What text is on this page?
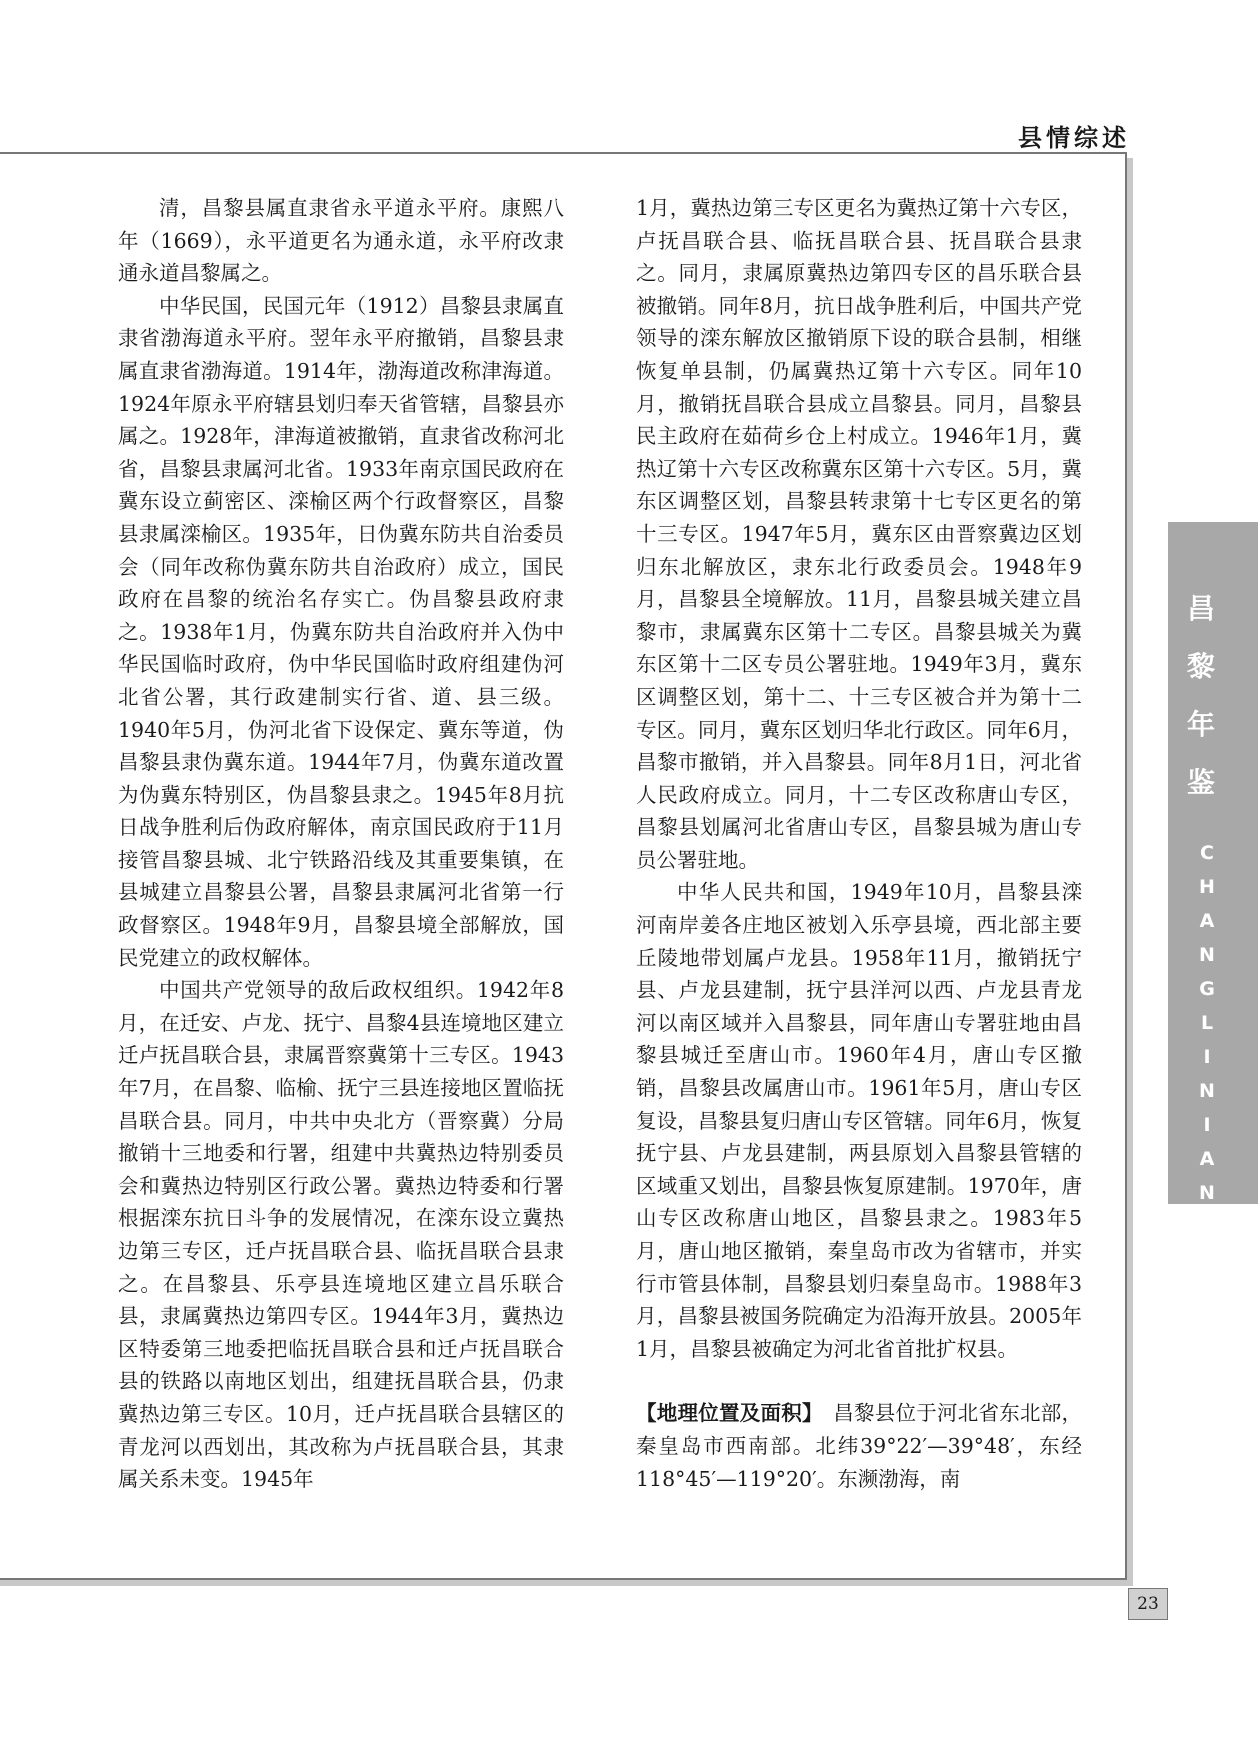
县情综述

清，昌黎县属直隶省永平道永平府。康熙八年（1669），永平道更名为通永道，永平府改隶通永道昌黎属之。

中华民国，民国元年（1912）昌黎县隶属直隶省渤海道永平府。翌年永平府撤销，昌黎县隶属直隶省渤海道。1914年，渤海道改称津海道。1924年原永平府辖县划归奉天省管辖，昌黎县亦属之。1928年，津海道被撤销，直隶省改称河北省，昌黎县隶属河北省。1933年南京国民政府在冀东设立蓟密区、滦榆区两个行政督察区，昌黎县隶属滦榆区。1935年，日伪冀东防共自治委员会（同年改称伪冀东防共自治政府）成立，国民政府在昌黎的统治名存实亡。伪昌黎县政府隶之。1938年1月，伪冀东防共自治政府并入伪中华民国临时政府，伪中华民国临时政府组建伪河北省公署，其行政建制实行省、道、县三级。1940年5月，伪河北省下设保定、冀东等道，伪昌黎县隶伪冀东道。1944年7月，伪冀东道改置为伪冀东特别区，伪昌黎县隶之。1945年8月抗日战争胜利后伪政府解体，南京国民政府于11月接管昌黎县城、北宁铁路沿线及其重要集镇，在县城建立昌黎县公署，昌黎县隶属河北省第一行政督察区。1948年9月，昌黎县境全部解放，国民党建立的政权解体。

中国共产党领导的敌后政权组织。1942年8月，在迁安、卢龙、抚宁、昌黎4县连境地区建立迁卢抚昌联合县，隶属晋察冀第十三专区。1943年7月，在昌黎、临榆、抚宁三县连接地区置临抚昌联合县。同月，中共中央北方（晋察冀）分局撤销十三地委和行署，组建中共冀热边特别委员会和冀热边特别区行政公署。冀热边特委和行署根据滦东抗日斗争的发展情况，在滦东设立冀热边第三专区，迁卢抚昌联合县、临抚昌联合县隶之。在昌黎县、乐亭县连境地区建立昌乐联合县，隶属冀热边第四专区。1944年3月，冀热边区特委第三地委把临抚昌联合县和迁卢抚昌联合县的铁路以南地区划出，组建抚昌联合县，仍隶冀热边第三专区。10月，迁卢抚昌联合县辖区的青龙河以西划出，其改称为卢抚昌联合县，其隶属关系未变。1945年

1月，冀热边第三专区更名为冀热辽第十六专区，卢抚昌联合县、临抚昌联合县、抚昌联合县隶之。同月，隶属原冀热边第四专区的昌乐联合县被撤销。同年8月，抗日战争胜利后，中国共产党领导的滦东解放区撤销原下设的联合县制，相继恢复单县制，仍属冀热辽第十六专区。同年10月，撤销抚昌联合县成立昌黎县。同月，昌黎县民主政府在茹荷乡仓上村成立。1946年1月，冀热辽第十六专区改称冀东区第十六专区。5月，冀东区调整区划，昌黎县转隶第十七专区更名的第十三专区。1947年5月，冀东区由晋察冀边区划归东北解放区，隶东北行政委员会。1948年9月，昌黎县全境解放。11月，昌黎县城关建立昌黎市，隶属冀东区第十二专区。昌黎县城关为冀东区第十二区专员公署驻地。1949年3月，冀东区调整区划，第十二、十三专区被合并为第十二专区。同月，冀东区划归华北行政区。同年6月，昌黎市撤销，并入昌黎县。同年8月1日，河北省人民政府成立。同月，十二专区改称唐山专区，昌黎县划属河北省唐山专区，昌黎县城为唐山专员公署驻地。

中华人民共和国，1949年10月，昌黎县滦河南岸姜各庄地区被划入乐亭县境，西北部主要丘陵地带划属卢龙县。1958年11月，撤销抚宁县、卢龙县建制，抚宁县洋河以西、卢龙县青龙河以南区域并入昌黎县，同年唐山专署驻地由昌黎县城迁至唐山市。1960年4月，唐山专区撤销，昌黎县改属唐山市。1961年5月，唐山专区复设，昌黎县复归唐山专区管辖。同年6月，恢复抚宁县、卢龙县建制，两县原划入昌黎县管辖的区域重又划出，昌黎县恢复原建制。1970年，唐山专区改称唐山地区，昌黎县隶之。1983年5月，唐山地区撤销，秦皇岛市改为省辖市，并实行市管县体制，昌黎县划归秦皇岛市。1988年3月，昌黎县被国务院确定为沿海开放县。2005年1月，昌黎县被确定为河北省首批扩权县。

【地理位置及面积】　昌黎县位于河北省东北部，秦皇岛市西南部。北纬39°22′—39°48′，东经118°45′—119°20′。东濒渤海，南

昌
黎
年
鉴
CHANGLINIANJIAN
23
